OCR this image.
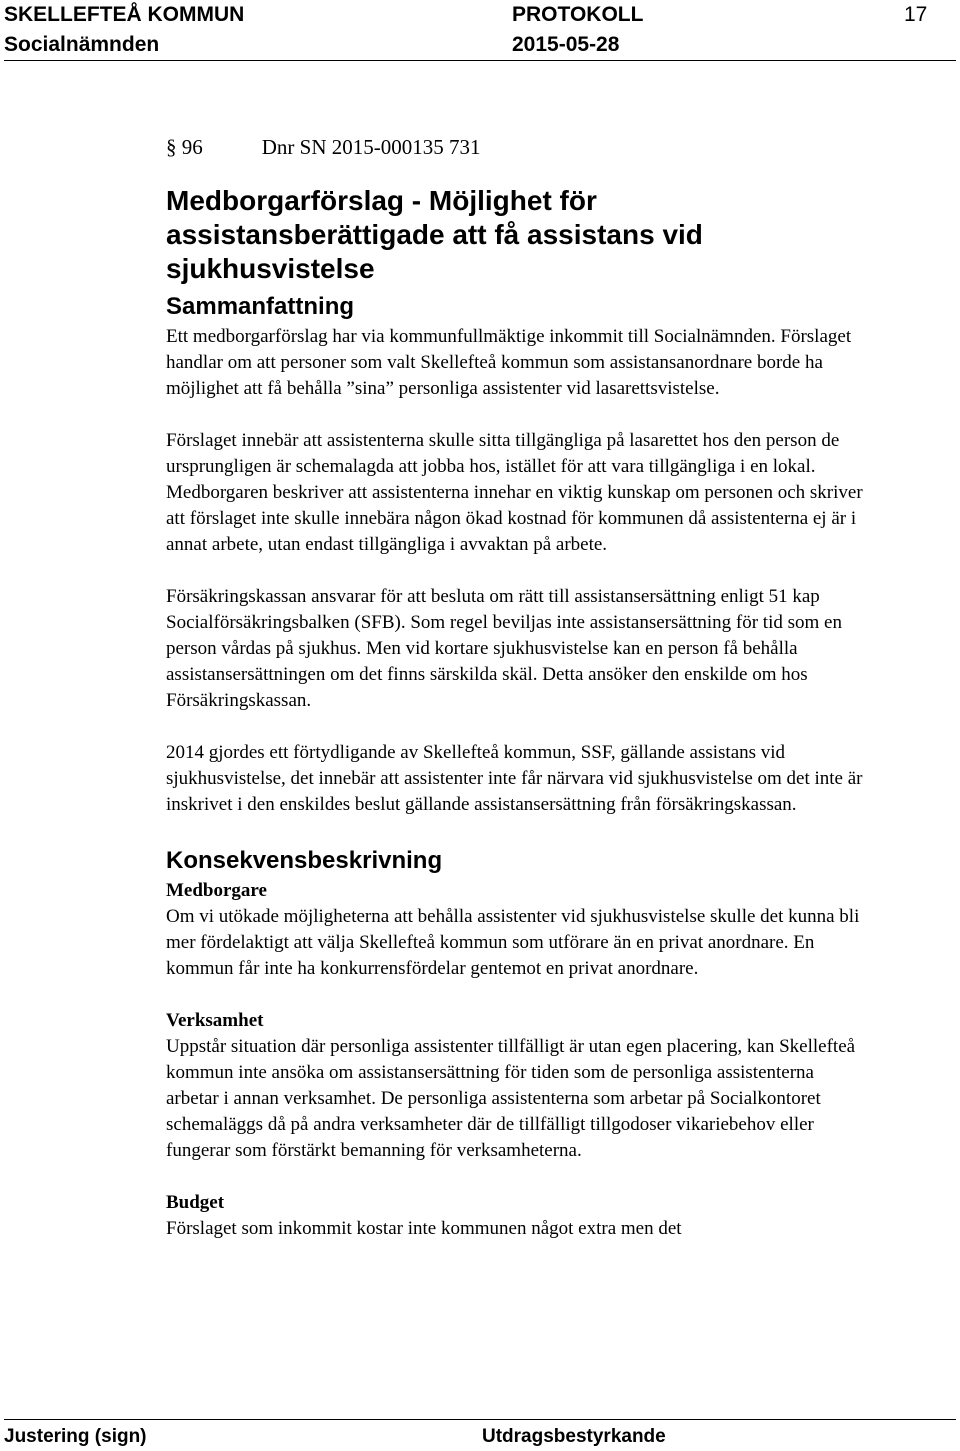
SKELLEFTEÅ KOMMUN	PROTOKOLL	17
Socialnämnden	2015-05-28
§ 96	Dnr SN 2015-000135 731
Medborgarförslag - Möjlighet för assistansberättigade att få assistans vid sjukhusvistelse
Sammanfattning

Ett medborgarförslag har via kommunfullmäktige inkommit till Socialnämnden. Förslaget handlar om att personer som valt Skellefteå kommun som assistansanordnare borde ha möjlighet att få behålla ”sina” personliga assistenter vid lasarettsvistelse.

Förslaget innebär att assistenterna skulle sitta tillgängliga på lasarettet hos den person de ursprungligen är schemalagda att jobba hos, istället för att vara tillgängliga i en lokal. Medborgaren beskriver att assistenterna innehar en viktig kunskap om personen och skriver att förslaget inte skulle innebära någon ökad kostnad för kommunen då assistenterna ej är i annat arbete, utan endast tillgängliga i avvaktan på arbete.

Försäkringskassan ansvarar för att besluta om rätt till assistansersättning enligt 51 kap Socialförsäkringsbalken (SFB). Som regel beviljas inte assistansersättning för tid som en person vårdas på sjukhus. Men vid kortare sjukhusvistelse kan en person få behålla assistansersättningen om det finns särskilda skäl. Detta ansöker den enskilde om hos Försäkringskassan.

2014 gjordes ett förtydligande av Skellefteå kommun, SSF, gällande assistans vid sjukhusvistelse, det innebär att assistenter inte får närvara vid sjukhusvistelse om det inte är inskrivet i den enskildes beslut gällande assistansersättning från försäkringskassan.

Konsekvensbeskrivning
Medborgare

Om vi utökade möjligheterna att behålla assistenter vid sjukhusvistelse skulle det kunna bli mer fördelaktigt att välja Skellefteå kommun som utförare än en privat anordnare. En kommun får inte ha konkurrensfördelar gentemot en privat anordnare.

Verksamhet

Uppstår situation där personliga assistenter tillfälligt är utan egen placering, kan Skellefteå kommun inte ansöka om assistansersättning för tiden som de personliga assistenterna arbetar i annan verksamhet. De personliga assistenterna som arbetar på Socialkontoret schemaläggs då på andra verksamheter där de tillfälligt tillgodoser vikariebehov eller fungerar som förstärkt bemanning för verksamheterna.

Budget

Förslaget som inkommit kostar inte kommunen något extra men det

Justering (sign)	Utdragsbestyrkande
